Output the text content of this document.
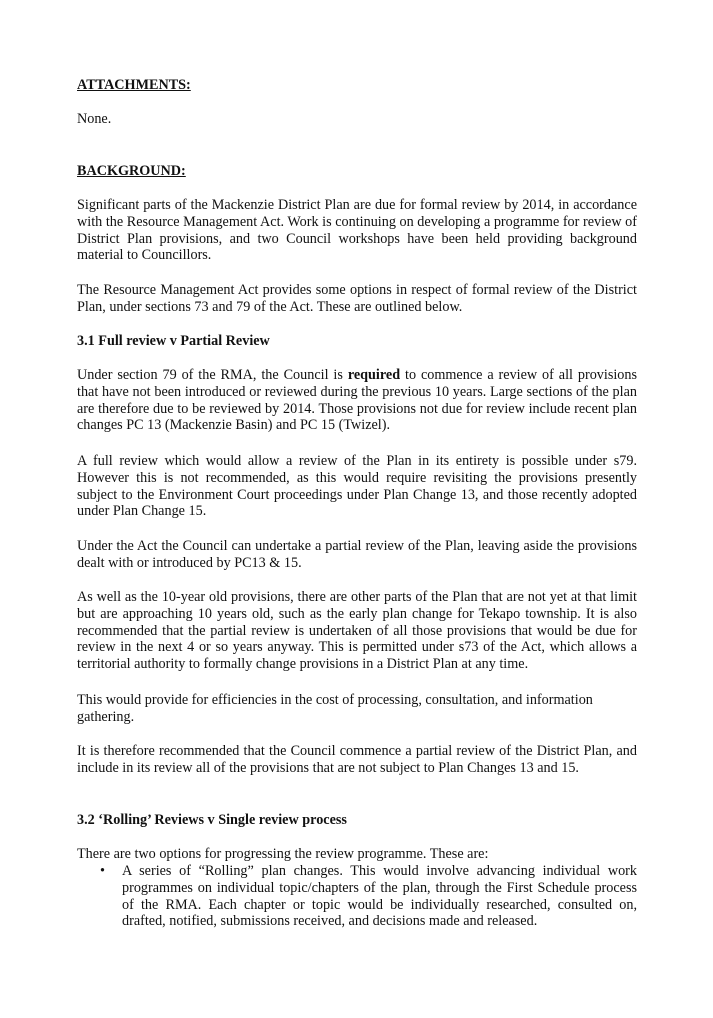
ATTACHMENTS:
None.
BACKGROUND:
Significant parts of the Mackenzie District Plan are due for formal review by 2014, in accordance with the Resource Management Act. Work is continuing on developing a programme for review of District Plan provisions, and two Council workshops have been held providing background material to Councillors.
The Resource Management Act provides some options in respect of formal review of the District Plan, under sections 73 and 79 of the Act. These are outlined below.
3.1 Full review v Partial Review
Under section 79 of the RMA, the Council is required to commence a review of all provisions that have not been introduced or reviewed during the previous 10 years. Large sections of the plan are therefore due to be reviewed by 2014. Those provisions not due for review include recent plan changes PC 13 (Mackenzie Basin) and PC 15 (Twizel).
A full review which would allow a review of the Plan in its entirety is possible under s79. However this is not recommended, as this would require revisiting the provisions presently subject to the Environment Court proceedings under Plan Change 13, and those recently adopted under Plan Change 15.
Under the Act the Council can undertake a partial review of the Plan, leaving aside the provisions dealt with or introduced by PC13 & 15.
As well as the 10-year old provisions, there are other parts of the Plan that are not yet at that limit but are approaching 10 years old, such as the early plan change for Tekapo township. It is also recommended that the partial review is undertaken of all those provisions that would be due for review in the next 4 or so years anyway. This is permitted under s73 of the Act, which allows a territorial authority to formally change provisions in a District Plan at any time.
This would provide for efficiencies in the cost of processing, consultation, and information gathering.
It is therefore recommended that the Council commence a partial review of the District Plan, and include in its review all of the provisions that are not subject to Plan Changes 13 and 15.
3.2 ‘Rolling’ Reviews v Single review process
There are two options for progressing the review programme. These are:
• A series of “Rolling” plan changes. This would involve advancing individual work programmes on individual topic/chapters of the plan, through the First Schedule process of the RMA. Each chapter or topic would be individually researched, consulted on, drafted, notified, submissions received, and decisions made and released.
